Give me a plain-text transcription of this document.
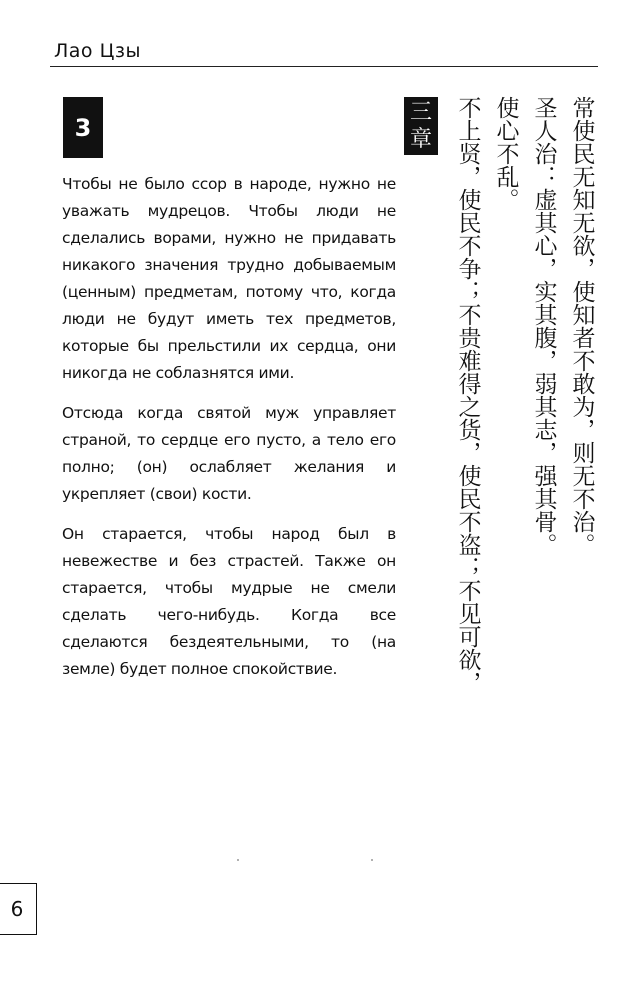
Лао Цзы
3

Чтобы не было ссор в народе, нужно не уважать мудрецов. Чтобы люди не сделались ворами, нужно не придавать никакого значения трудно добываемым (ценным) предметам, потому что, когда люди не будут иметь тех предметов, которые бы прельстили их сердца, они никогда не соблазнятся ими.

Отсюда когда святой муж управляет страной, то сердце его пусто, а тело его полно; (он) ослабляет желания и укрепляет (свои) кости.

Он старается, чтобы народ был в невежестве и без страстей. Также он старается, чтобы мудрые не смели сделать чего-нибудь. Когда все сделаются бездеятельными, то (на земле) будет полное спокойствие.

三
章 不上贤，使民不争；不贵难得之货，使民不盗；不见可欲， 使心不乱。 圣人治：虚其心，实其腹，弱其志，强其骨。 常使民无知无欲，使知者不敢为，则无不治。
6
